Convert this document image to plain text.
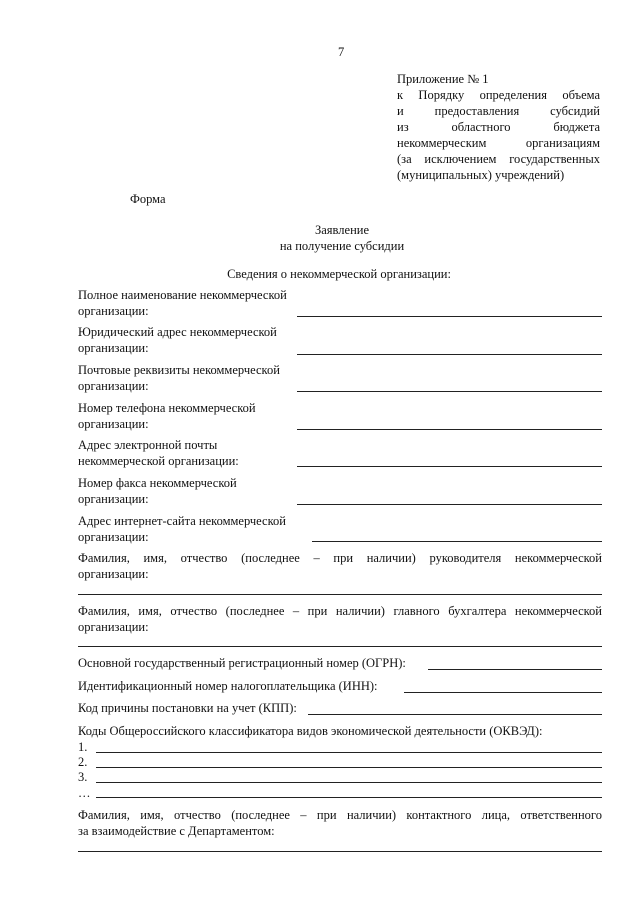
7
Приложение № 1
к Порядку определения объема
и предоставления субсидий
из областного бюджета
некоммерческим организациям
(за исключением государственных
(муниципальных) учреждений)
Форма
Заявление
на получение субсидии
Сведения о некоммерческой организации:
Полное наименование некоммерческой
организации:
Юридический адрес некоммерческой
организации:
Почтовые реквизиты некоммерческой
организации:
Номер телефона некоммерческой
организации:
Адрес электронной почты
некоммерческой организации:
Номер факса некоммерческой
организации:
Адрес интернет-сайта некоммерческой
организации:
Фамилия, имя, отчество (последнее – при наличии) руководителя некоммерческой
организации:
Фамилия, имя, отчество (последнее – при наличии) главного бухгалтера некоммерческой
организации:
Основной государственный регистрационный номер (ОГРН):
Идентификационный номер налогоплательщика (ИНН):
Код причины постановки на учет (КПП):
Коды Общероссийского классификатора видов экономической деятельности (ОКВЭД):
1.
2.
3.
…
Фамилия, имя, отчество (последнее – при наличии) контактного лица, ответственного
за взаимодействие с Департаментом:
